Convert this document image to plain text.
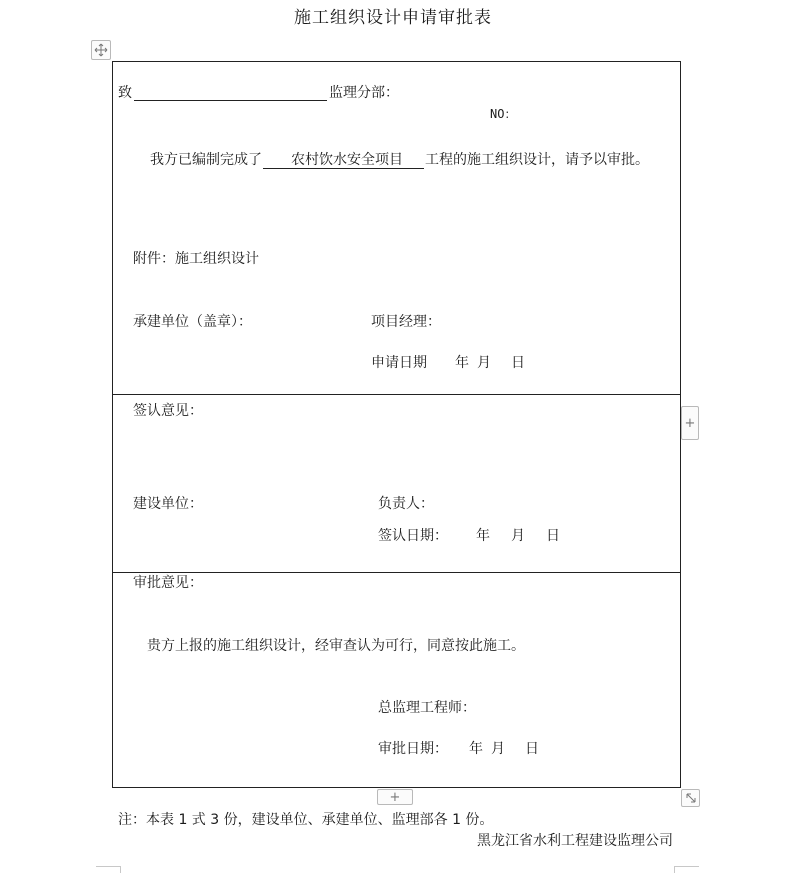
施工组织设计申请审批表
致	监理分部：
NO：
我方已编制完成了 农村饮水安全项目 工程的施工组织设计，请予以审批。
附件：施工组织设计
承建单位（盖章）：	项目经理：
申请日期 年 月 日
签认意见：
建设单位：	负责人：
签认日期： 年 月 日
+
审批意见：
贵方上报的施工组织设计，经审查认为可行，同意按此施工。
总监理工程师：
审批日期： 年 月 日
+
注：本表 1 式 3 份，建设单位、承建单位、监理部各 1 份。
黑龙江省水利工程建设监理公司
